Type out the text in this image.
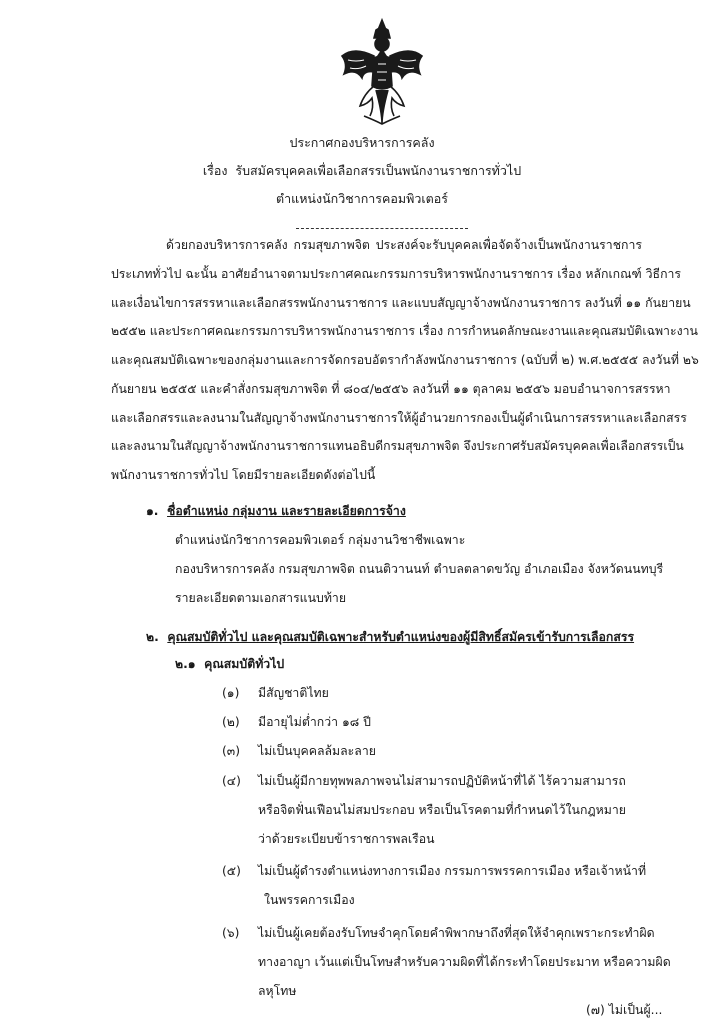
ประกาศกองบริหารการคลัง
เรื่อง รับสมัครบุคคลเพื่อเลือกสรรเป็นพนักงานราชการทั่วไป
ตำแหน่งนักวิชาการคอมพิวเตอร์
ด้วยกองบริหารการคลัง กรมสุขภาพจิต ประสงค์จะรับบุคคลเพื่อจัดจ้างเป็นพนักงานราชการ
ประเภททั่วไป ฉะนั้น อาศัยอำนาจตามประกาศคณะกรรมการบริหารพนักงานราชการ เรื่อง หลักเกณฑ์ วิธีการ
และเงื่อนไขการสรรหาและเลือกสรรพนักงานราชการ และแบบสัญญาจ้างพนักงานราชการ ลงวันที่ ๑๑ กันยายน
๒๕๕๒ และประกาศคณะกรรมการบริหารพนักงานราชการ เรื่อง การกำหนดลักษณะงานและคุณสมบัติเฉพาะงาน
และคุณสมบัติเฉพาะของกลุ่มงานและการจัดกรอบอัตรากำลังพนักงานราชการ (ฉบับที่ ๒) พ.ศ.๒๕๕๕ ลงวันที่ ๒๖
กันยายน ๒๕๕๕ และคำสั่งกรมสุขภาพจิต ที่ ๘๐๔/๒๕๕๖ ลงวันที่ ๑๑ ตุลาคม ๒๕๕๖ มอบอำนาจการสรรหา
และเลือกสรรและลงนามในสัญญาจ้างพนักงานราชการให้ผู้อำนวยการกองเป็นผู้ดำเนินการสรรหาและเลือกสรร
และลงนามในสัญญาจ้างพนักงานราชการแทนอธิบดีกรมสุขภาพจิต จึงประกาศรับสมัครบุคคลเพื่อเลือกสรรเป็น
พนักงานราชการทั่วไป โดยมีรายละเอียดดังต่อไปนี้
๑. ชื่อตำแหน่ง กลุ่มงาน และรายละเอียดการจ้าง
ตำแหน่งนักวิชาการคอมพิวเตอร์ กลุ่มงานวิชาชีพเฉพาะ
กองบริหารการคลัง กรมสุขภาพจิต ถนนติวานนท์ ตำบลตลาดขวัญ อำเภอเมือง จังหวัดนนทบุรี
รายละเอียดตามเอกสารแนบท้าย
๒. คุณสมบัติทั่วไป และคุณสมบัติเฉพาะสำหรับตำแหน่งของผู้มีสิทธิ์สมัครเข้ารับการเลือกสรร
๒.๑ คุณสมบัติทั่วไป
(๑) มีสัญชาติไทย
(๒) มีอายุไม่ต่ำกว่า ๑๘ ปี
(๓) ไม่เป็นบุคคลล้มละลาย
(๔) ไม่เป็นผู้มีกายทุพพลภาพจนไม่สามารถปฏิบัติหน้าที่ได้ ไร้ความสามารถ
หรือจิตฟั่นเฟือนไม่สมประกอบ หรือเป็นโรคตามที่กำหนดไว้ในกฎหมาย
ว่าด้วยระเบียบข้าราชการพลเรือน
(๕) ไม่เป็นผู้ดำรงตำแหน่งทางการเมือง กรรมการพรรคการเมือง หรือเจ้าหน้าที่
ในพรรคการเมือง
(๖) ไม่เป็นผู้เคยต้องรับโทษจำคุกโดยคำพิพากษาถึงที่สุดให้จำคุกเพราะกระทำผิด
ทางอาญา เว้นแต่เป็นโทษสำหรับความผิดที่ได้กระทำโดยประมาท หรือความผิด
ลหุโทษ
(๗) ไม่เป็นผู้...
